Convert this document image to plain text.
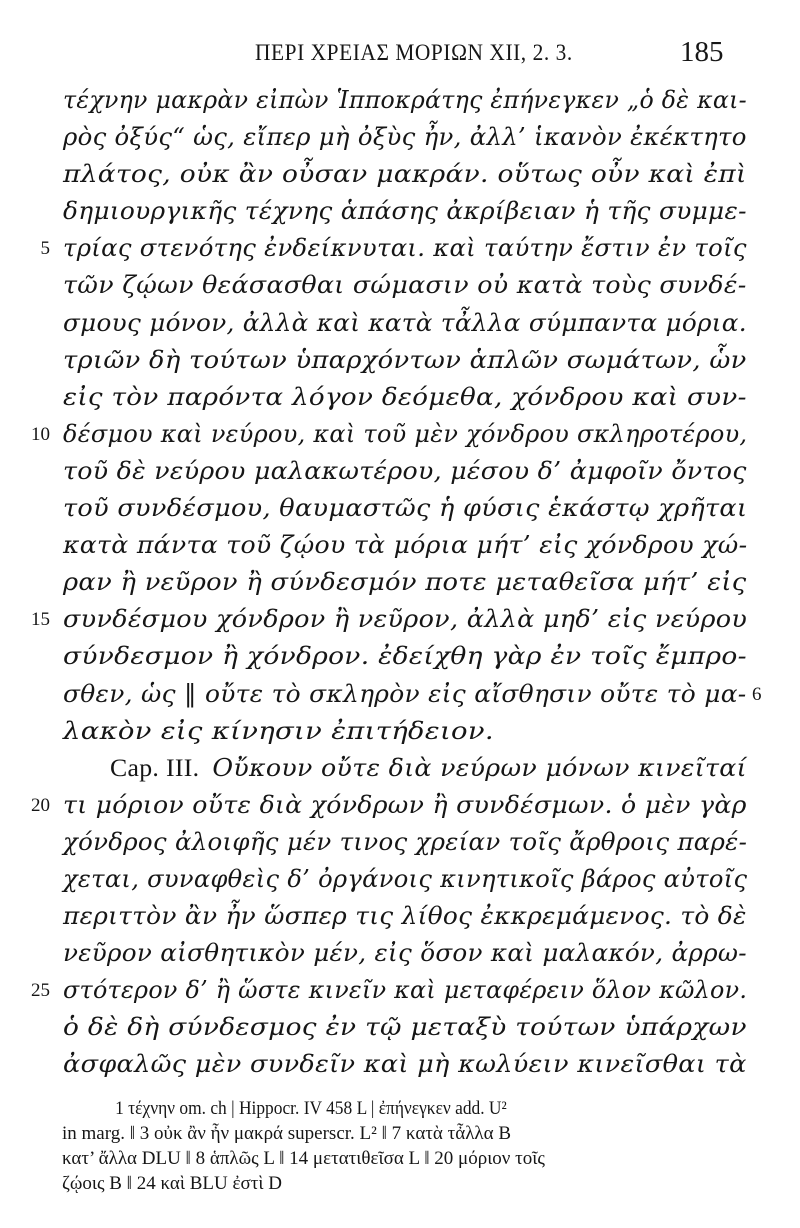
ΠΕΡΙ ΧΡΕΙΑΣ ΜΟΡΙΩΝ XII, 2. 3.	185
τέχνην μακρὰν εἰπὼν Ἱπποκράτης ἐπήνεγκεν „ὁ δὲ και-
ρὸς ὀξύς“ ὡς, εἴπερ μὴ ὀξὺς ἦν, ἀλλ’ ἱκανὸν ἐκέκτητο
πλάτος, οὐκ ἂν οὖσαν μακράν. οὕτως οὖν καὶ ἐπὶ
δημιουργικῆς τέχνης ἁπάσης ἀκρίβειαν ἡ τῆς συμμε-
5 τρίας στενότης ἐνδείκνυται. καὶ ταύτην ἔστιν ἐν τοῖς
τῶν ζῴων θεάσασθαι σώμασιν οὐ κατὰ τοὺς συνδέ-
σμους μόνον, ἀλλὰ καὶ κατὰ τἆλλα σύμπαντα μόρια.
τριῶν δὴ τούτων ὑπαρχόντων ἁπλῶν σωμάτων, ὧν
εἰς τὸν παρόντα λόγον δεόμεθα, χόνδρου καὶ συν-
10 δέσμου καὶ νεύρου, καὶ τοῦ μὲν χόνδρου σκληροτέρου,
τοῦ δὲ νεύρου μαλακωτέρου, μέσου δ’ ἀμφοῖν ὄντος
τοῦ συνδέσμου, θαυμαστῶς ἡ φύσις ἑκάστῳ χρῆται
κατὰ πάντα τοῦ ζῴου τὰ μόρια μήτ’ εἰς χόνδρου χώ-
ραν ἢ νεῦρον ἢ σύνδεσμόν ποτε μεταθεῖσα μήτ’ εἰς
15 συνδέσμου χόνδρον ἢ νεῦρον, ἀλλὰ μηδ’ εἰς νεύρου
σύνδεσμον ἢ χόνδρον. ἐδείχθη γὰρ ἐν τοῖς ἔμπρο-
σθεν, ὡς ‖ οὔτε τὸ σκληρὸν εἰς αἴσθησιν οὔτε τὸ μα- 6
λακὸν εἰς κίνησιν ἐπιτήδειον.
Cap. III.  Οὔκουν οὔτε διὰ νεύρων μόνων κινεῖταί
20 τι μόριον οὔτε διὰ χόνδρων ἢ συνδέσμων. ὁ μὲν γὰρ
χόνδρος ἀλοιφῆς μέν τινος χρείαν τοῖς ἄρθροις παρέ-
χεται, συναφθεὶς δ’ ὀργάνοις κινητικοῖς βάρος αὐτοῖς
περιττὸν ἂν ἦν ὥσπερ τις λίθος ἐκκρεμάμενος. τὸ δὲ
νεῦρον αἰσθητικὸν μέν, εἰς ὅσον καὶ μαλακόν, ἀρρω-
25 στότερον δ’ ἢ ὥστε κινεῖν καὶ μεταφέρειν ὅλον κῶλον.
ὁ δὲ δὴ σύνδεσμος ἐν τῷ μεταξὺ τούτων ὑπάρχων
ἀσφαλῶς μὲν συνδεῖν καὶ μὴ κωλύειν κινεῖσθαι τὰ
1 τέχνην om. ch | Hippocr. IV 458 L | ἐπήνεγκεν add. U²
in marg. ‖ 3 οὐκ ἂν ἦν μακρά superscr. L² ‖ 7 κατὰ τἆλλα B
κατ’ ἄλλα DLU ‖ 8 ἁπλῶς L ‖ 14 μετατιθεῖσα L ‖ 20 μόριον τοῖς
ζῴοις B ‖ 24 καὶ BLU ἐστὶ D
